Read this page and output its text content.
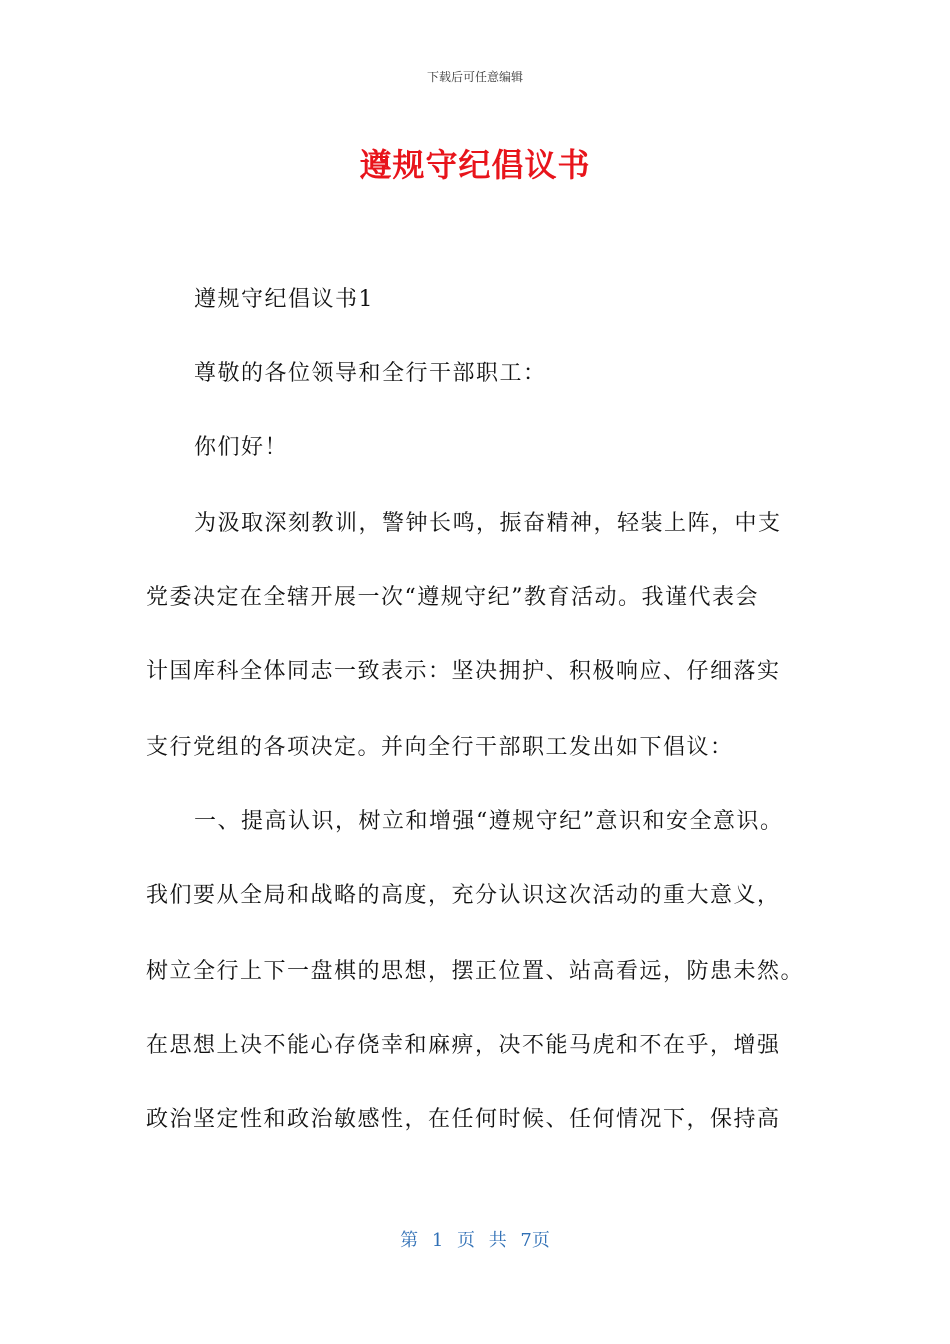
下载后可任意编辑
遵规守纪倡议书
遵规守纪倡议书1
尊敬的各位领导和全行干部职工：
你们好！
为汲取深刻教训，警钟长鸣，振奋精神，轻装上阵，中支
党委决定在全辖开展一次“遵规守纪”教育活动。我谨代表会
计国库科全体同志一致表示：坚决拥护、积极响应、仔细落实
支行党组的各项决定。并向全行干部职工发出如下倡议：
一、提高认识，树立和增强“遵规守纪”意识和安全意识。
我们要从全局和战略的高度，充分认识这次活动的重大意义，
树立全行上下一盘棋的思想，摆正位置、站高看远，防患未然。
在思想上决不能心存侥幸和麻痹，决不能马虎和不在乎，增强
政治坚定性和政治敏感性，在任何时候、任何情况下，保持高
第 1 页 共 7页
